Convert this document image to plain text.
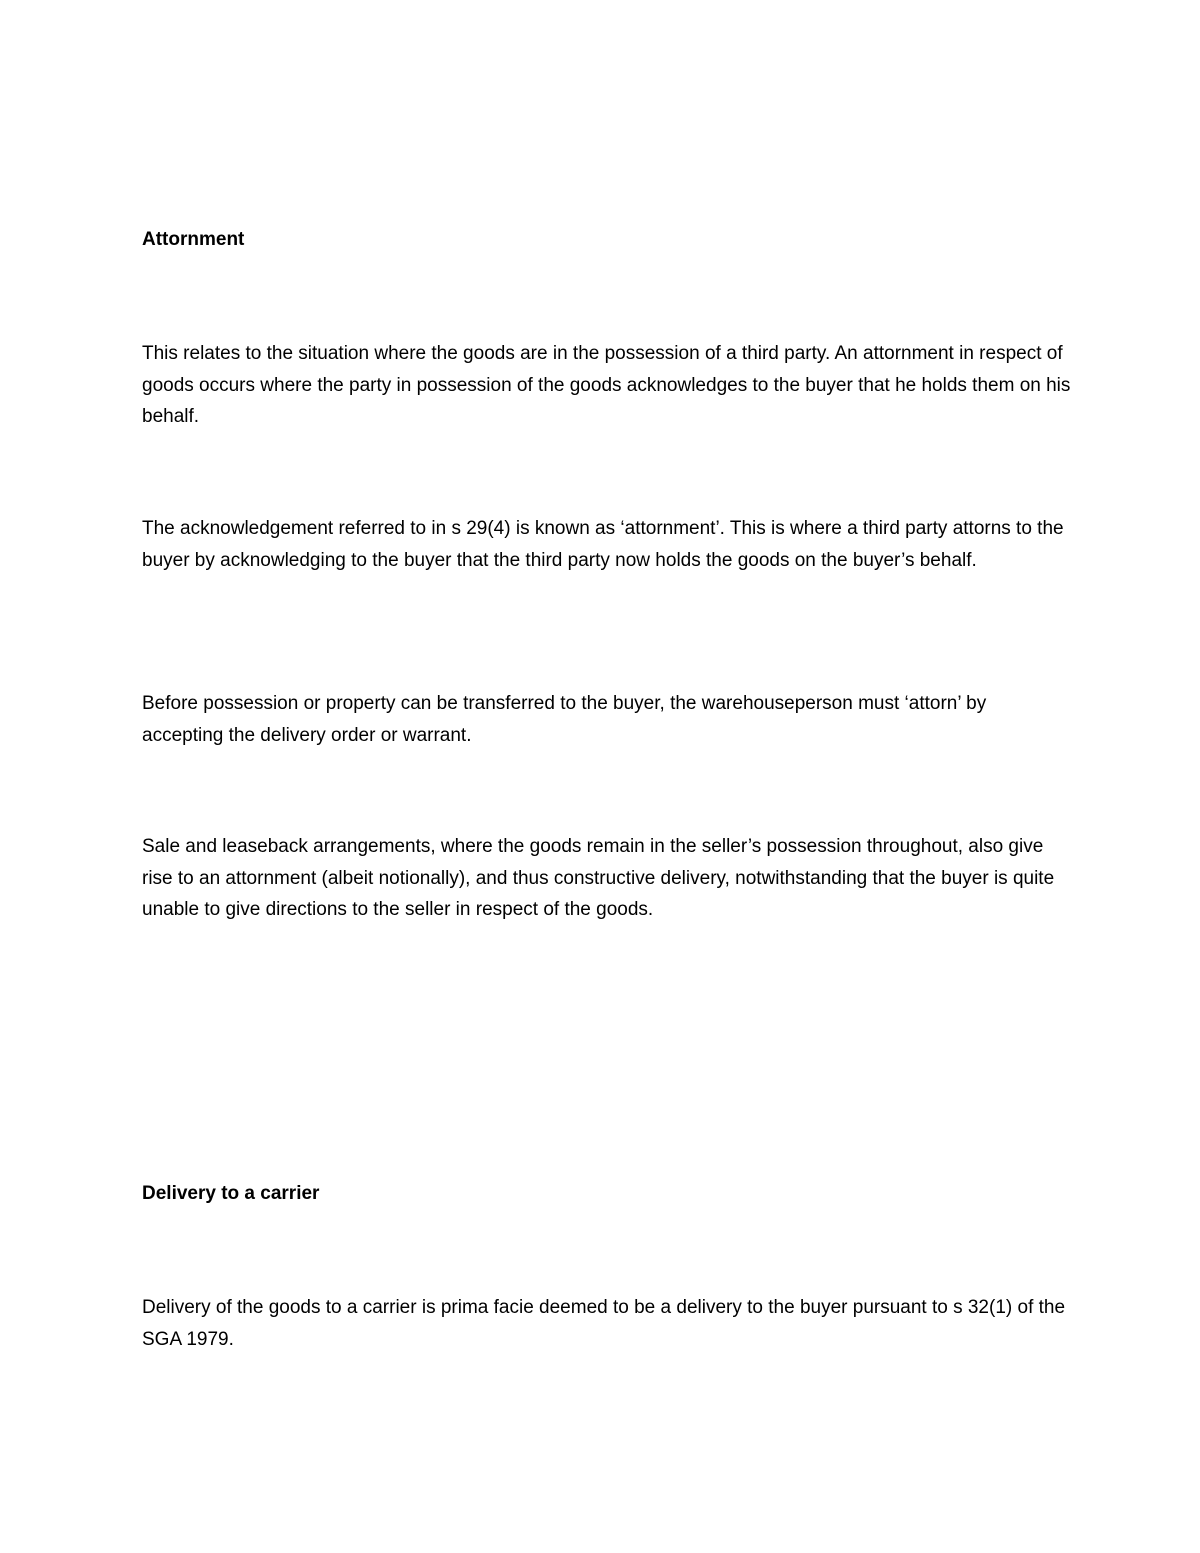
Attornment

This relates to the situation where the goods are in the possession of a third party. An attornment in respect of goods occurs where the party in possession of the goods acknowledges to the buyer that he holds them on his behalf.

The acknowledgement referred to in s 29(4) is known as ‘attornment’. This is where a third party attorns to the buyer by acknowledging to the buyer that the third party now holds the goods on the buyer’s behalf.

Before possession or property can be transferred to the buyer, the warehouseperson must ‘attorn’ by accepting the delivery order or warrant.

Sale and leaseback arrangements, where the goods remain in the seller’s possession throughout, also give rise to an attornment (albeit notionally), and thus constructive delivery, notwithstanding that the buyer is quite unable to give directions to the seller in respect of the goods.

Delivery to a carrier

Delivery of the goods to a carrier is prima facie deemed to be a delivery to the buyer pursuant to s 32(1) of the SGA 1979.
